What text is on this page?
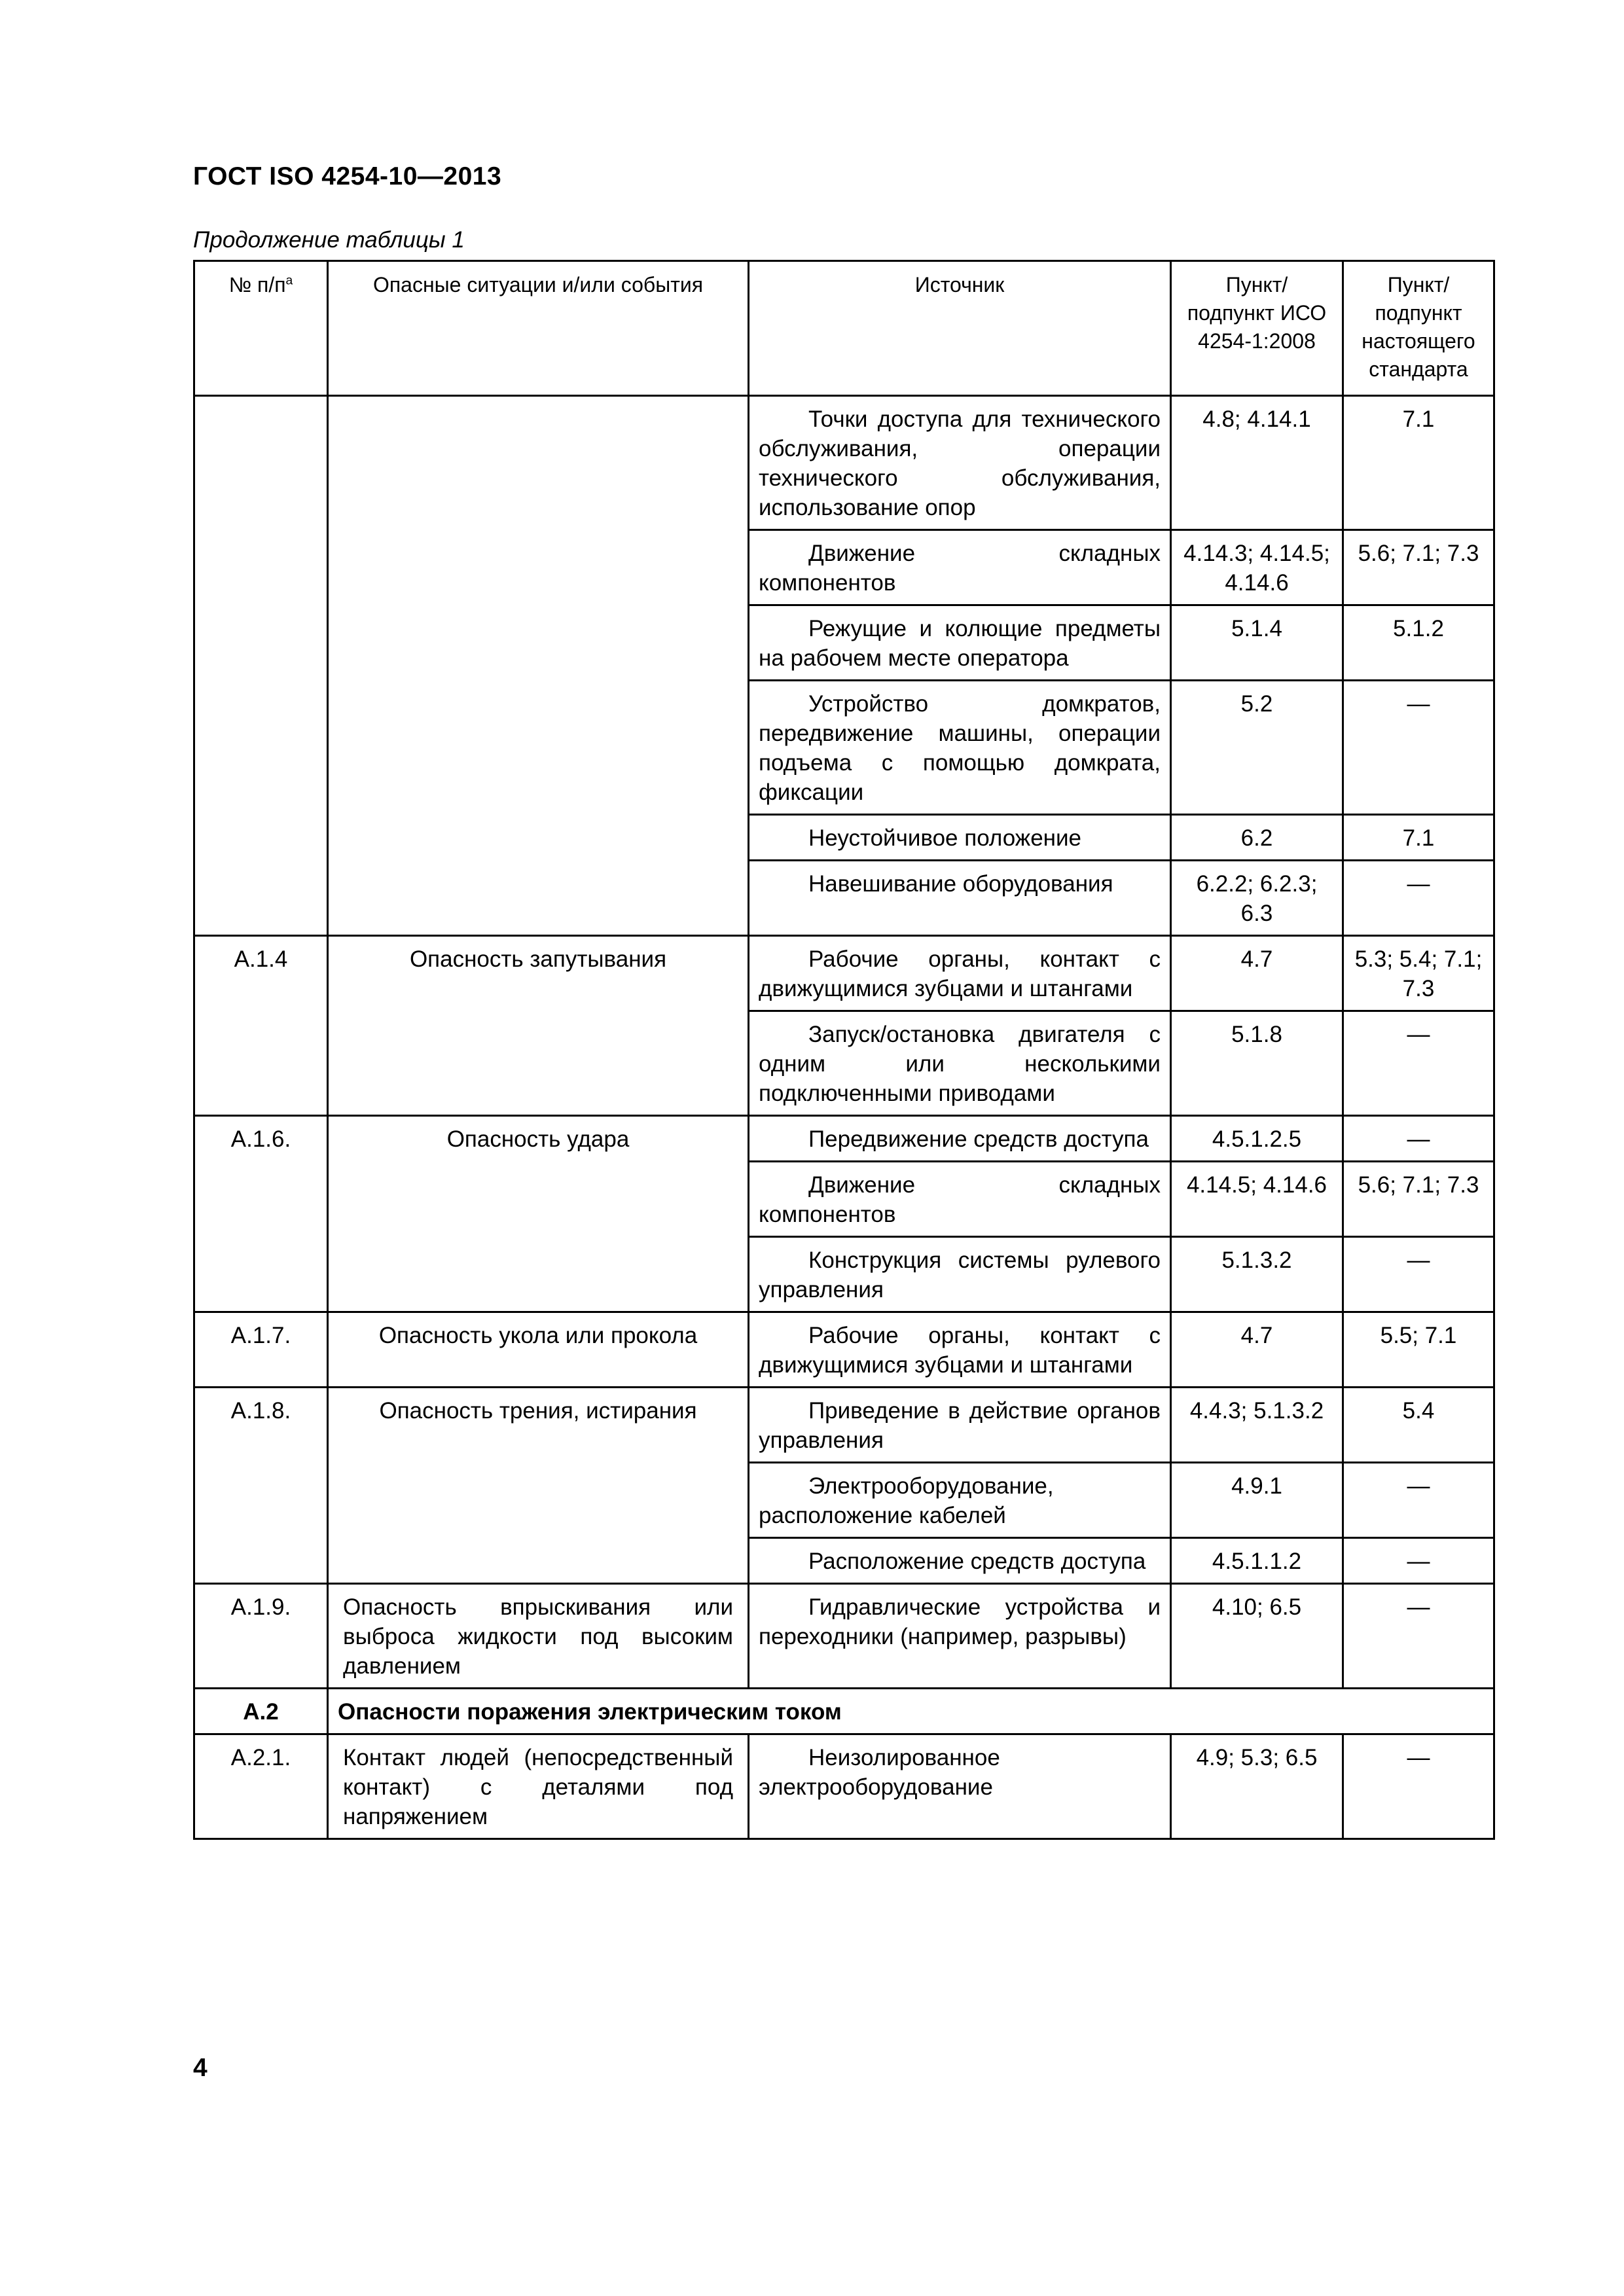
ГОСТ ISO 4254-10—2013
Продолжение таблицы 1
№ $п/п^a$	Опасные ситуации и/или события	Источник	Пункт/ подпункт ИСО 4254-1:2008	Пункт/ подпункт настоящего стандарта
		Точки доступа для технического обслуживания, операции технического обслуживания, использование опор	4.8; 4.14.1	7.1
		Движение складных компонентов	4.14.3; 4.14.5; 4.14.6	5.6; 7.1; 7.3
		Режущие и колющие предметы на рабочем месте оператора	5.1.4	5.1.2
		Устройство домкратов, передвижение машины, операции подъема с помощью домкрата, фиксации	5.2	—
		Неустойчивое положение	6.2	7.1
		Навешивание оборудования	6.2.2; 6.2.3; 6.3	—
А.1.4	Опасность запутывания	Рабочие органы, контакт с движущимися зубцами и штангами	4.7	5.3; 5.4; 7.1; 7.3
		Запуск/остановка двигателя с одним или несколькими подключенными приводами	5.1.8	—
А.1.6.	Опасность удара	Передвижение средств доступа	4.5.1.2.5	—
		Движение складных компонентов	4.14.5; 4.14.6	5.6; 7.1; 7.3
		Конструкция системы рулевого управления	5.1.3.2	—
А.1.7.	Опасность укола или прокола	Рабочие органы, контакт с движущимися зубцами и штангами	4.7	5.5; 7.1
А.1.8.	Опасность трения, истирания	Приведение в действие органов управления	4.4.3; 5.1.3.2	5.4
		Электрооборудование, расположение кабелей	4.9.1	—
		Расположение средств доступа	4.5.1.1.2	—
А.1.9.	Опасность впрыскивания или выброса жидкости под высоким давлением	Гидравлические устройства и переходники (например, разрывы)	4.10; 6.5	—
А.2	Опасности поражения электрическим током			
А.2.1.	Контакт людей (непосредственный контакт) с деталями под напряжением	Неизолированное электрооборудование	4.9; 5.3; 6.5	—
4
